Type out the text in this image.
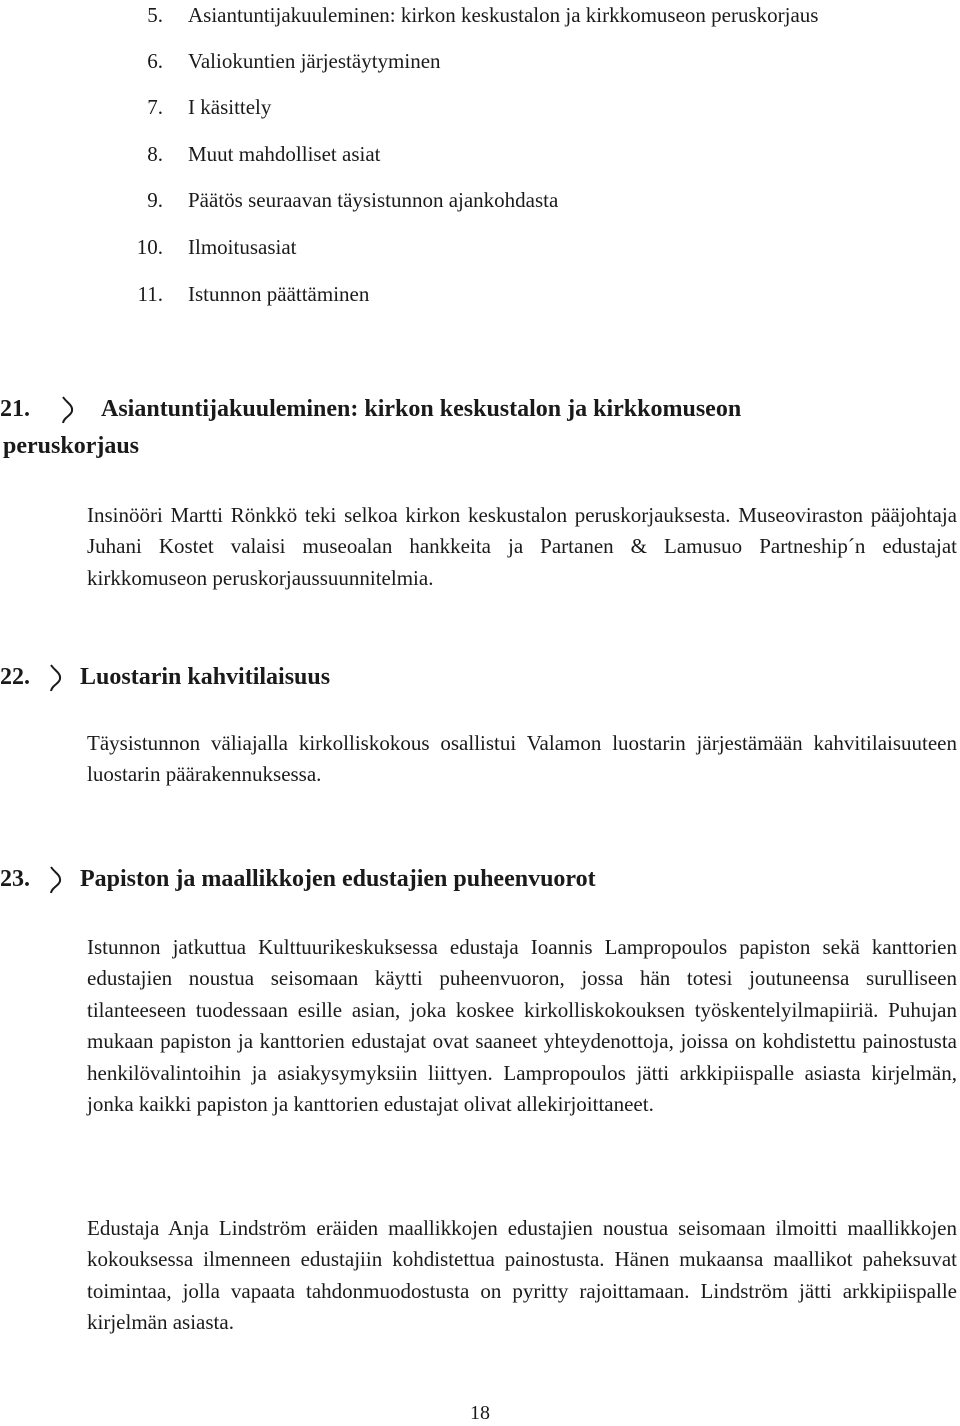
5. Asiantuntijakuuleminen: kirkon keskustalon ja kirkkomuseon peruskorjaus
6. Valiokuntien järjestäytyminen
7. I käsittely
8. Muut mahdolliset asiat
9. Päätös seuraavan täysistunnon ajankohdasta
10. Ilmoitusasiat
11. Istunnon päättäminen
21.	Asiantuntijakuuleminen: kirkon keskustalon ja kirkkomuseon
peruskorjaus

Insinööri Martti Rönkkö teki selkoa kirkon keskustalon peruskorjauksesta. Museoviraston pääjohtaja Juhani Kostet valaisi museoalan hankkeita ja Partanen & Lamusuo Partneship´n edustajat kirkkomuseon peruskorjaussuunnitelmia.

22. Luostarin kahvitilaisuus

Täysistunnon väliajalla kirkolliskokous osallistui Valamon luostarin järjestämään kahvitilaisuuteen luostarin päärakennuksessa.

23. Papiston ja maallikkojen edustajien puheenvuorot

Istunnon jatkuttua Kulttuurikeskuksessa edustaja Ioannis Lampropoulos papiston sekä kanttorien edustajien noustua seisomaan käytti puheenvuoron, jossa hän totesi joutuneensa surulliseen tilanteeseen tuodessaan esille asian, joka koskee kirkolliskokouksen työskentelyilmapiiriä. Puhujan mukaan papiston ja kanttorien edustajat ovat saaneet yhteydenottoja, joissa on kohdistettu painostusta henkilövalintoihin ja asiakysymyksiin liittyen. Lampropoulos jätti arkkipiispalle asiasta kirjelmän, jonka kaikki papiston ja kanttorien edustajat olivat allekirjoittaneet.

Edustaja Anja Lindström eräiden maallikkojen edustajien noustua seisomaan ilmoitti maallikkojen kokouksessa ilmenneen edustajiin kohdistettua painostusta. Hänen mukaansa maallikot paheksuvat toimintaa, jolla vapaata tahdonmuodostusta on pyritty rajoittamaan. Lindström jätti arkkipiispalle kirjelmän asiasta.

18
